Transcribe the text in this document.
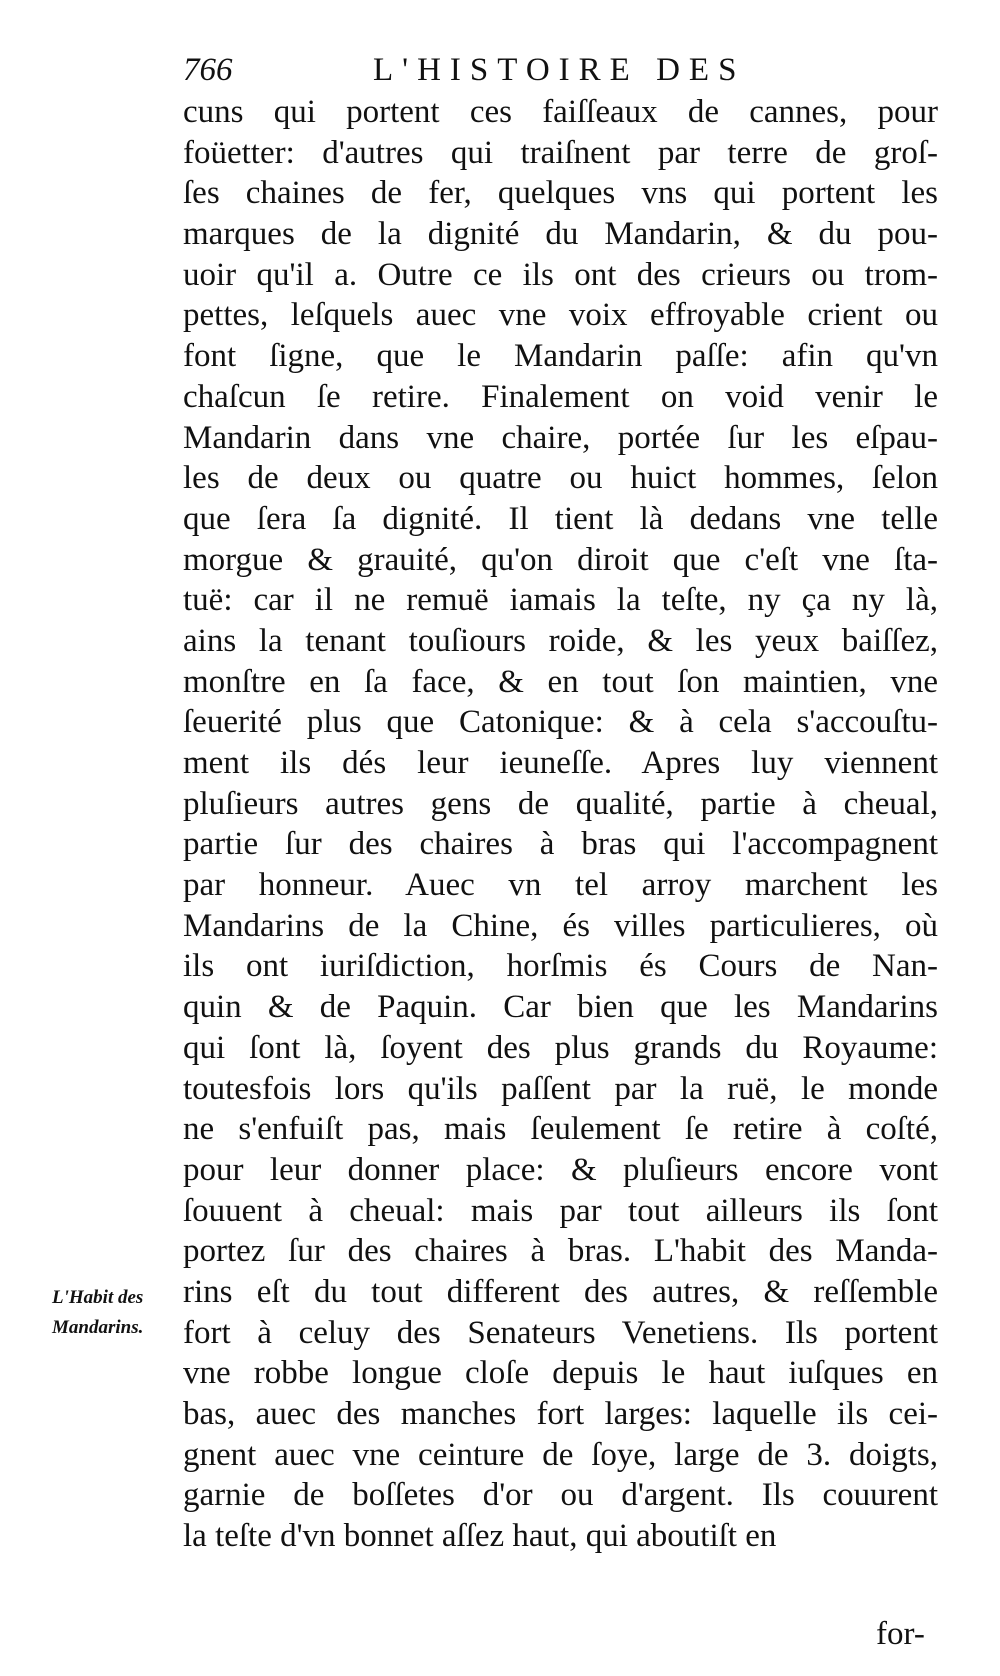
766	L'HISTOIRE DES
cuns qui portent ces faiſſeaux de cannes, pour
foüetter: d'autres qui traiſnent par terre de groſ-
ſes chaines de fer, quelques vns qui portent les
marques de la dignité du Mandarin, & du pou-
uoir qu'il a. Outre ce ils ont des crieurs ou trom-
pettes, leſquels auec vne voix effroyable crient ou
font ſigne, que le Mandarin paſſe: afin qu'vn
chaſcun ſe retire. Finalement on void venir le
Mandarin dans vne chaire, portée ſur les eſpau-
les de deux ou quatre ou huict hommes, ſelon
que ſera ſa dignité. Il tient là dedans vne telle
morgue & grauité, qu'on diroit que c'eſt vne ſta-
tuë: car il ne remuë iamais la teſte, ny ça ny là,
ains la tenant touſiours roide, & les yeux baiſſez,
monſtre en ſa face, & en tout ſon maintien, vne
ſeuerité plus que Catonique: & à cela s'accouſtu-
ment ils dés leur ieuneſſe. Apres luy viennent
pluſieurs autres gens de qualité, partie à cheual,
partie ſur des chaires à bras qui l'accompagnent
par honneur. Auec vn tel arroy marchent les
Mandarins de la Chine, és villes particulieres, où
ils ont iuriſdiction, horſmis és Cours de Nan-
quin & de Paquin. Car bien que les Mandarins
qui ſont là, ſoyent des plus grands du Royaume:
toutesfois lors qu'ils paſſent par la ruë, le monde
ne s'enfuiſt pas, mais ſeulement ſe retire à coſté,
pour leur donner place: & pluſieurs encore vont
ſouuent à cheual: mais par tout ailleurs ils ſont
portez ſur des chaires à bras. L'habit des Manda-
rins eſt du tout different des autres, & reſſemble
fort à celuy des Senateurs Venetiens. Ils portent
vne robbe longue cloſe depuis le haut iuſques en
bas, auec des manches fort larges: laquelle ils cei-
gnent auec vne ceinture de ſoye, large de 3. doigts,
garnie de boſſetes d'or ou d'argent. Ils couurent
la teſte d'vn bonnet aſſez haut, qui aboutiſt en
L'Habit des
Mandarins.
for-
